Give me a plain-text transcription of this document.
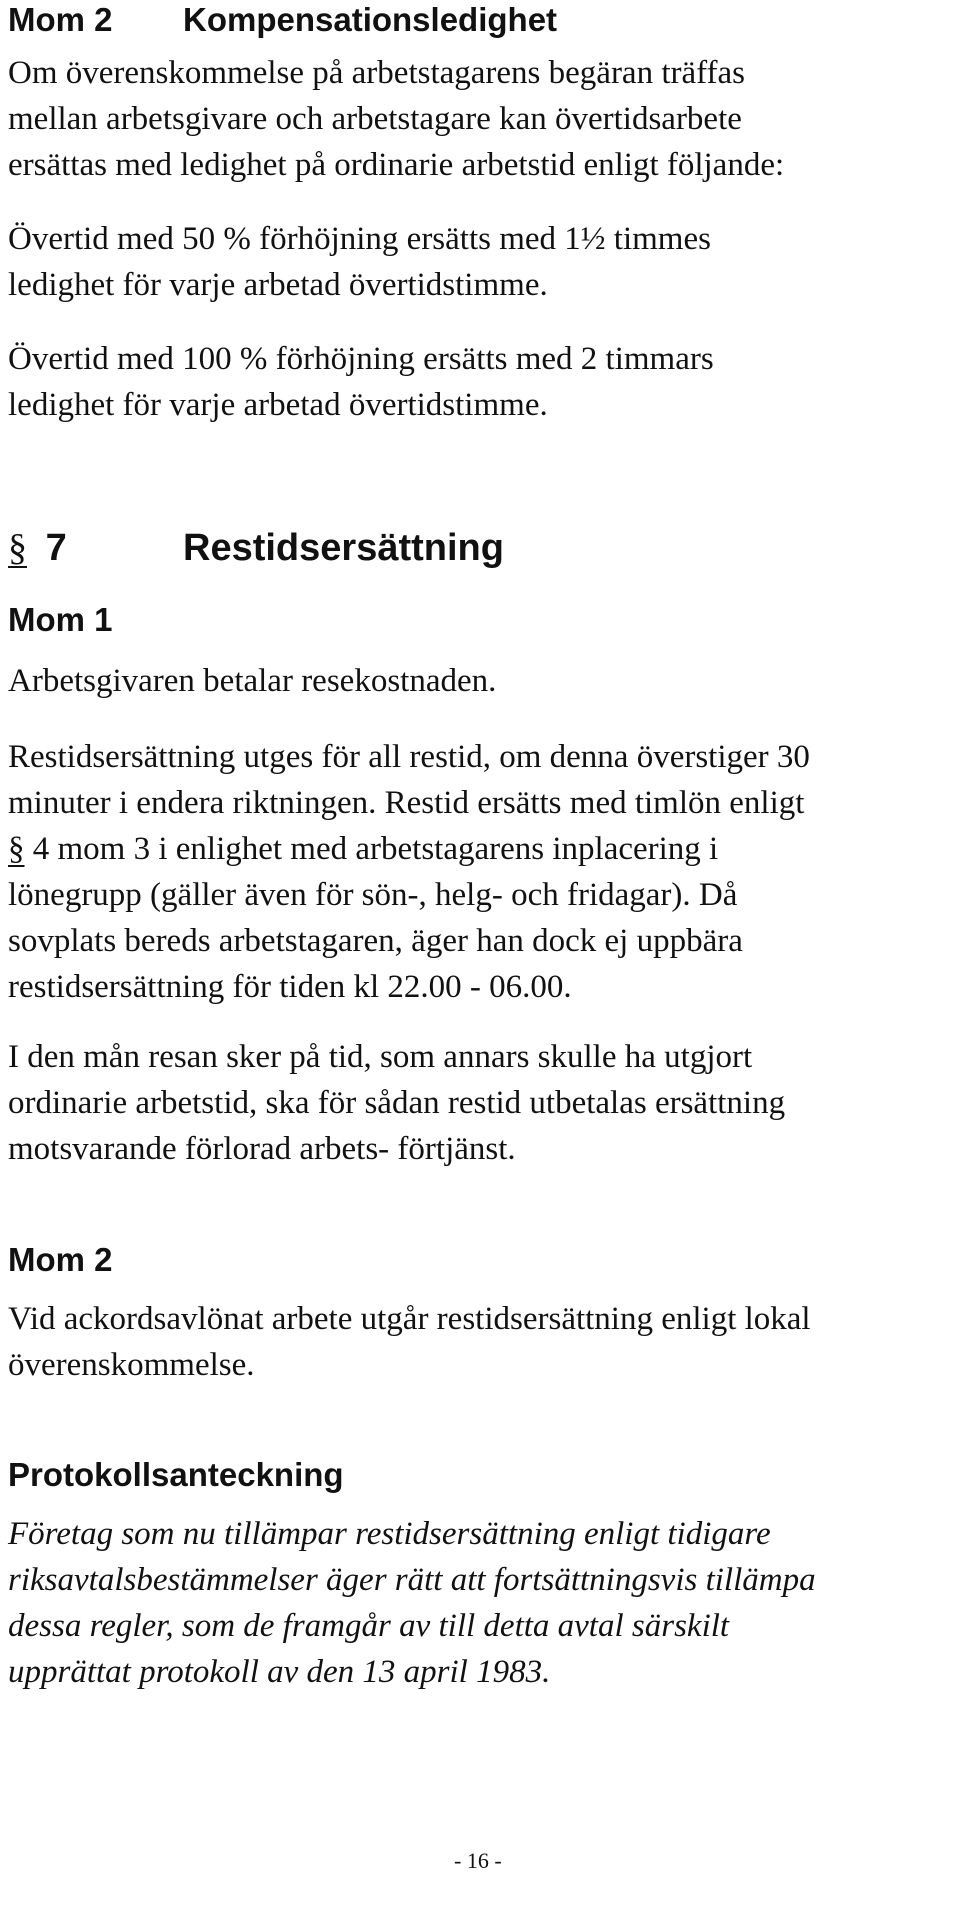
Mom 2 Kompensationsledighet
Om överenskommelse på arbetstagarens begäran träffas
mellan arbetsgivare och arbetstagare kan övertidsarbete
ersättas med ledighet på ordinarie arbetstid enligt följande:
Övertid med 50 % förhöjning ersätts med 1½ timmes
ledighet för varje arbetad övertidstimme.
Övertid med 100 % förhöjning ersätts med 2 timmars
ledighet för varje arbetad övertidstimme.
§ 7	Restidsersättning
Mom 1
Arbetsgivaren betalar resekostnaden.
Restidsersättning utges för all restid, om denna överstiger 30
minuter i endera riktningen. Restid ersätts med timlön enligt
§ 4 mom 3 i enlighet med arbetstagarens inplacering i
lönegrupp (gäller även för sön-, helg- och fridagar). Då
sovplats bereds arbetstagaren, äger han dock ej uppbära
restidsersättning för tiden kl 22.00 - 06.00.
I den mån resan sker på tid, som annars skulle ha utgjort
ordinarie arbetstid, ska för sådan restid utbetalas ersättning
motsvarande förlorad arbets- förtjänst.
Mom 2
Vid ackordsavlönat arbete utgår restidsersättning enligt lokal
överenskommelse.
Protokollsanteckning
Företag som nu tillämpar restidsersättning enligt tidigare
riksavtalsbestämmelser äger rätt att fortsättningsvis tillämpa
dessa regler, som de framgår av till detta avtal särskilt
upprättat protokoll av den 13 april 1983.
- 16 -
